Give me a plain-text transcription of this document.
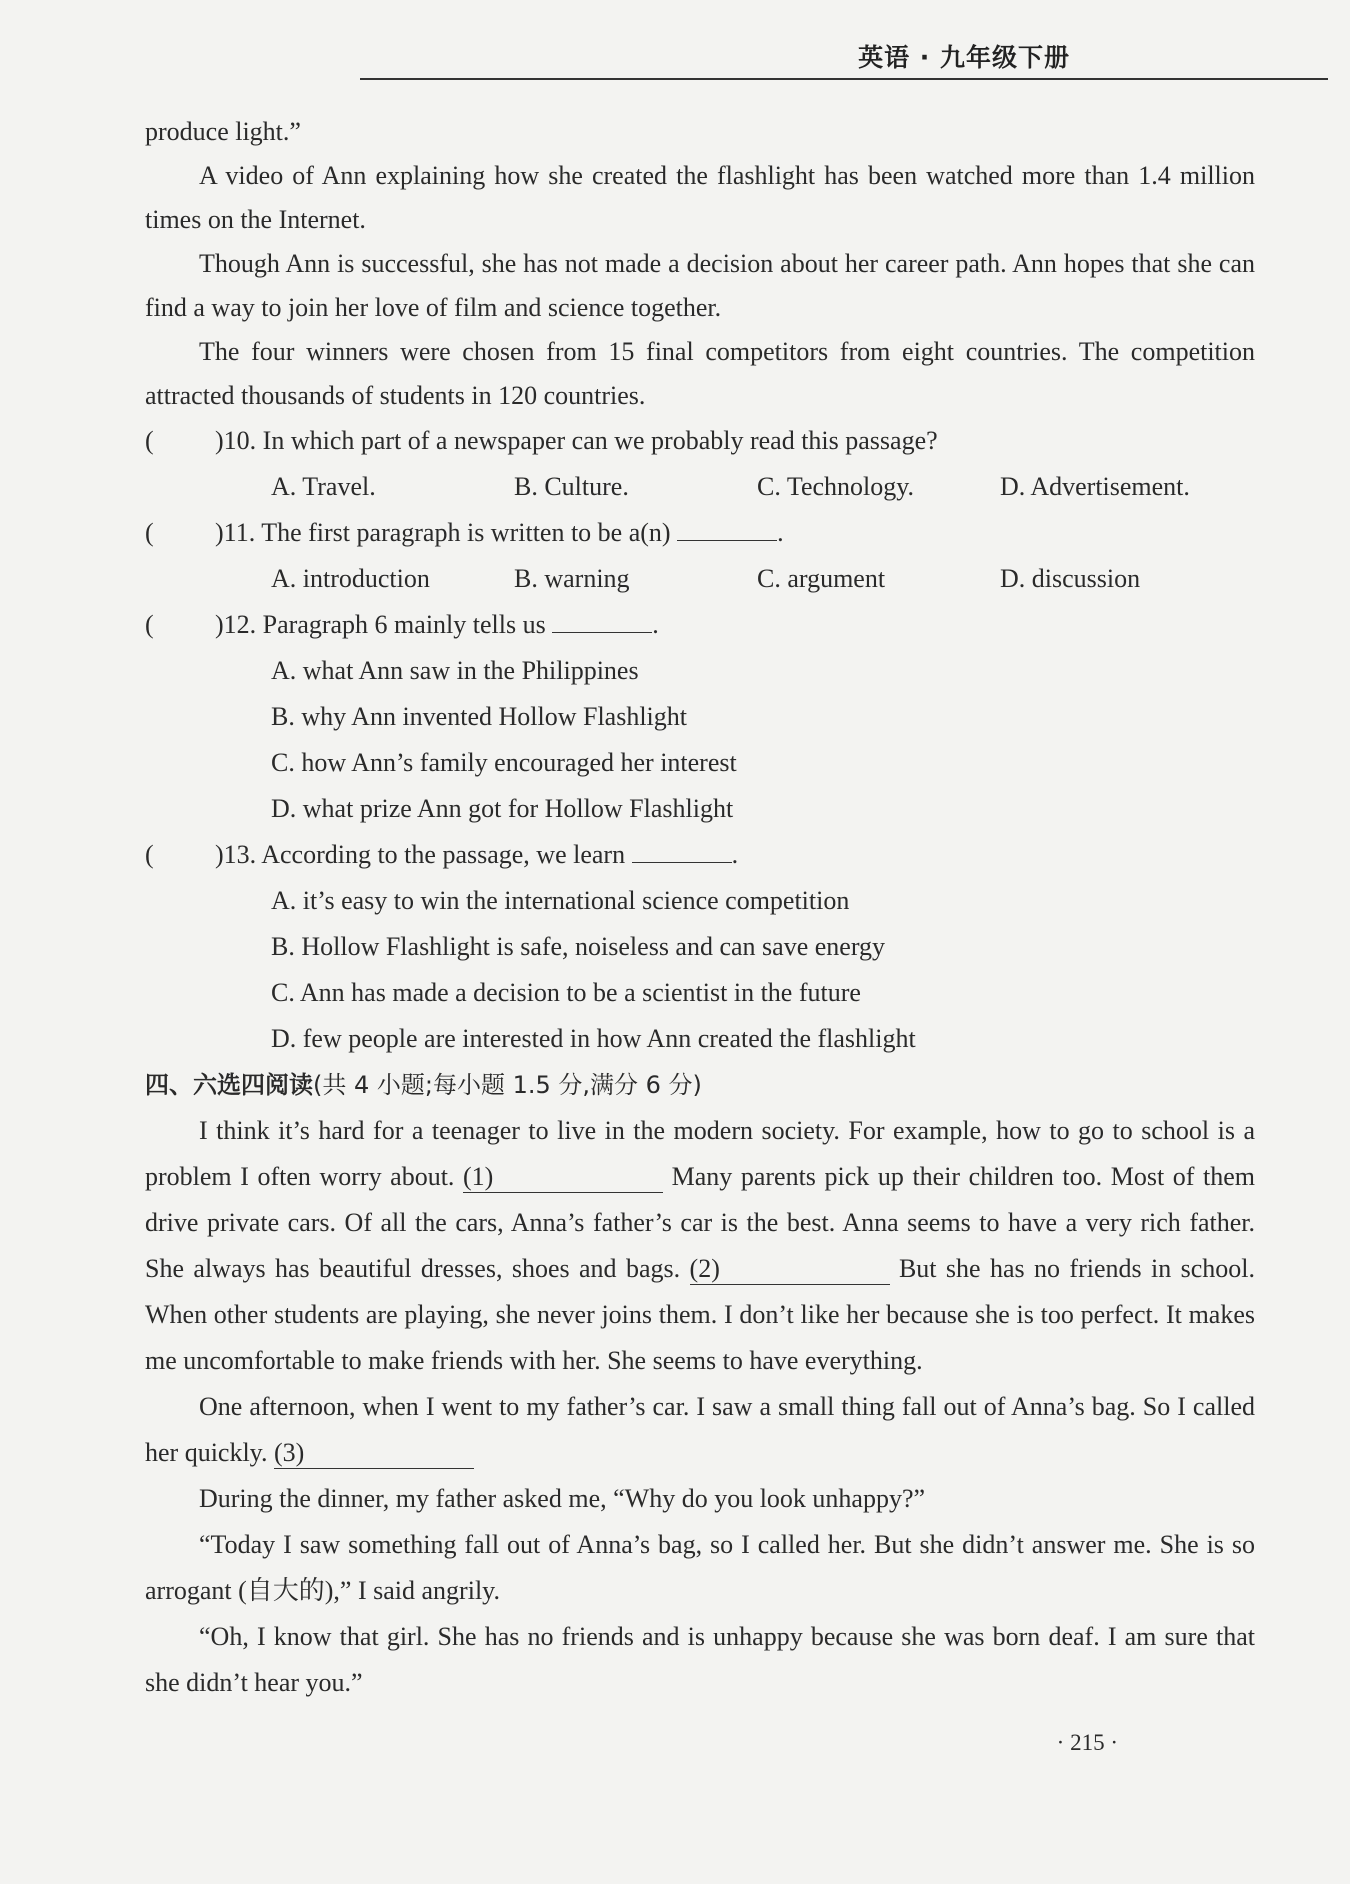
英语 · 九年级下册

produce light.”

A video of Ann explaining how she created the flashlight has been watched more than 1.4 million times on the Internet.

Though Ann is successful, she has not made a decision about her career path. Ann hopes that she can find a way to join her love of film and science together.

The four winners were chosen from 15 final competitors from eight countries. The competition attracted thousands of students in 120 countries.

( )10. In which part of a newspaper can we probably read this passage?

A. Travel.	B. Culture.	C. Technology.	D. Advertisement.

( )11. The first paragraph is written to be a(n)	.

A. introduction	B. warning	C. argument	D. discussion

( )12. Paragraph 6 mainly tells us	.

A. what Ann saw in the Philippines
B. why Ann invented Hollow Flashlight
C. how Ann’s family encouraged her interest
D. what prize Ann got for Hollow Flashlight

( )13. According to the passage, we learn	.

A. it’s easy to win the international science competition
B. Hollow Flashlight is safe, noiseless and can save energy
C. Ann has made a decision to be a scientist in the future
D. few people are interested in how Ann created the flashlight

四、六选四阅读(共 4 小题;每小题 1.5 分,满分 6 分)

I think it’s hard for a teenager to live in the modern society. For example, how to go to school is a problem I often worry about. (1)	Many parents pick up their children too. Most of them drive private cars. Of all the cars, Anna’s father’s car is the best. Anna seems to have a very rich father. She always has beautiful dresses, shoes and bags. (2)	But she has no friends in school. When other students are playing, she never joins them. I don’t like her because she is too perfect. It makes me uncomfortable to make friends with her. She seems to have everything.

One afternoon, when I went to my father’s car. I saw a small thing fall out of Anna’s bag. So I called her quickly. (3)

During the dinner, my father asked me, “Why do you look unhappy?”

“Today I saw something fall out of Anna’s bag, so I called her. But she didn’t answer me. She is so arrogant (自大的),” I said angrily.

“Oh, I know that girl. She has no friends and is unhappy because she was born deaf. I am sure that she didn’t hear you.”

· 215 ·
